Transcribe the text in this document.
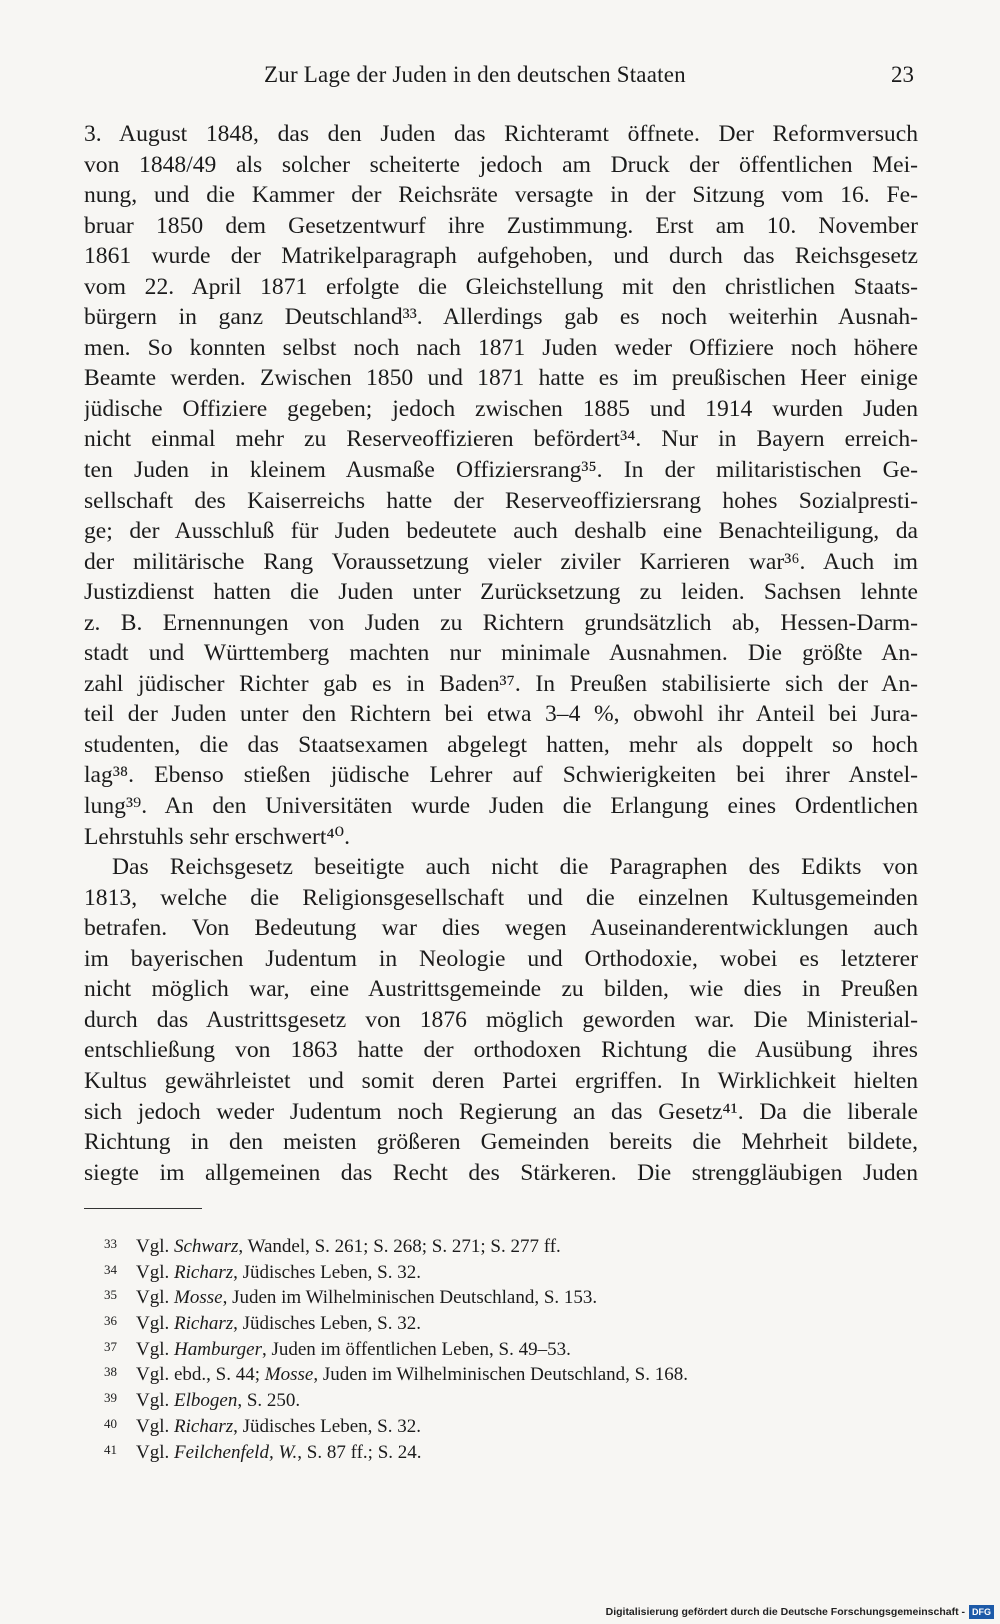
Zur Lage der Juden in den deutschen Staaten	23
3. August 1848, das den Juden das Richteramt öffnete. Der Reformversuch
von 1848/49 als solcher scheiterte jedoch am Druck der öffentlichen Mei-
nung, und die Kammer der Reichsräte versagte in der Sitzung vom 16. Fe-
bruar 1850 dem Gesetzentwurf ihre Zustimmung. Erst am 10. November
1861 wurde der Matrikelparagraph aufgehoben, und durch das Reichsgesetz
vom 22. April 1871 erfolgte die Gleichstellung mit den christlichen Staats-
bürgern in ganz Deutschland³³. Allerdings gab es noch weiterhin Ausnah-
men. So konnten selbst noch nach 1871 Juden weder Offiziere noch höhere
Beamte werden. Zwischen 1850 und 1871 hatte es im preußischen Heer einige
jüdische Offiziere gegeben; jedoch zwischen 1885 und 1914 wurden Juden
nicht einmal mehr zu Reserveoffizieren befördert³⁴. Nur in Bayern erreich-
ten Juden in kleinem Ausmaße Offiziersrang³⁵. In der militaristischen Ge-
sellschaft des Kaiserreichs hatte der Reserveoffiziersrang hohes Sozialpresti-
ge; der Ausschluß für Juden bedeutete auch deshalb eine Benachteiligung, da
der militärische Rang Voraussetzung vieler ziviler Karrieren war³⁶. Auch im
Justizdienst hatten die Juden unter Zurücksetzung zu leiden. Sachsen lehnte
z. B. Ernennungen von Juden zu Richtern grundsätzlich ab, Hessen-Darm-
stadt und Württemberg machten nur minimale Ausnahmen. Die größte An-
zahl jüdischer Richter gab es in Baden³⁷. In Preußen stabilisierte sich der An-
teil der Juden unter den Richtern bei etwa 3–4 %, obwohl ihr Anteil bei Jura-
studenten, die das Staatsexamen abgelegt hatten, mehr als doppelt so hoch
lag³⁸. Ebenso stießen jüdische Lehrer auf Schwierigkeiten bei ihrer Anstel-
lung³⁹. An den Universitäten wurde Juden die Erlangung eines Ordentlichen
Lehrstuhls sehr erschwert⁴⁰.
Das Reichsgesetz beseitigte auch nicht die Paragraphen des Edikts von
1813, welche die Religionsgesellschaft und die einzelnen Kultusgemeinden
betrafen. Von Bedeutung war dies wegen Auseinanderentwicklungen auch
im bayerischen Judentum in Neologie und Orthodoxie, wobei es letzterer
nicht möglich war, eine Austrittsgemeinde zu bilden, wie dies in Preußen
durch das Austrittsgesetz von 1876 möglich geworden war. Die Ministerial-
entschließung von 1863 hatte der orthodoxen Richtung die Ausübung ihres
Kultus gewährleistet und somit deren Partei ergriffen. In Wirklichkeit hielten
sich jedoch weder Judentum noch Regierung an das Gesetz⁴¹. Da die liberale
Richtung in den meisten größeren Gemeinden bereits die Mehrheit bildete,
siegte im allgemeinen das Recht des Stärkeren. Die strenggläubigen Juden
33 Vgl. Schwarz, Wandel, S. 261; S. 268; S. 271; S. 277 ff.
34 Vgl. Richarz, Jüdisches Leben, S. 32.
35 Vgl. Mosse, Juden im Wilhelminischen Deutschland, S. 153.
36 Vgl. Richarz, Jüdisches Leben, S. 32.
37 Vgl. Hamburger, Juden im öffentlichen Leben, S. 49–53.
38 Vgl. ebd., S. 44; Mosse, Juden im Wilhelminischen Deutschland, S. 168.
39 Vgl. Elbogen, S. 250.
40 Vgl. Richarz, Jüdisches Leben, S. 32.
41 Vgl. Feilchenfeld, W., S. 87 ff.; S. 24.
Digitalisierung gefördert durch die Deutsche Forschungsgemeinschaft - DFG
